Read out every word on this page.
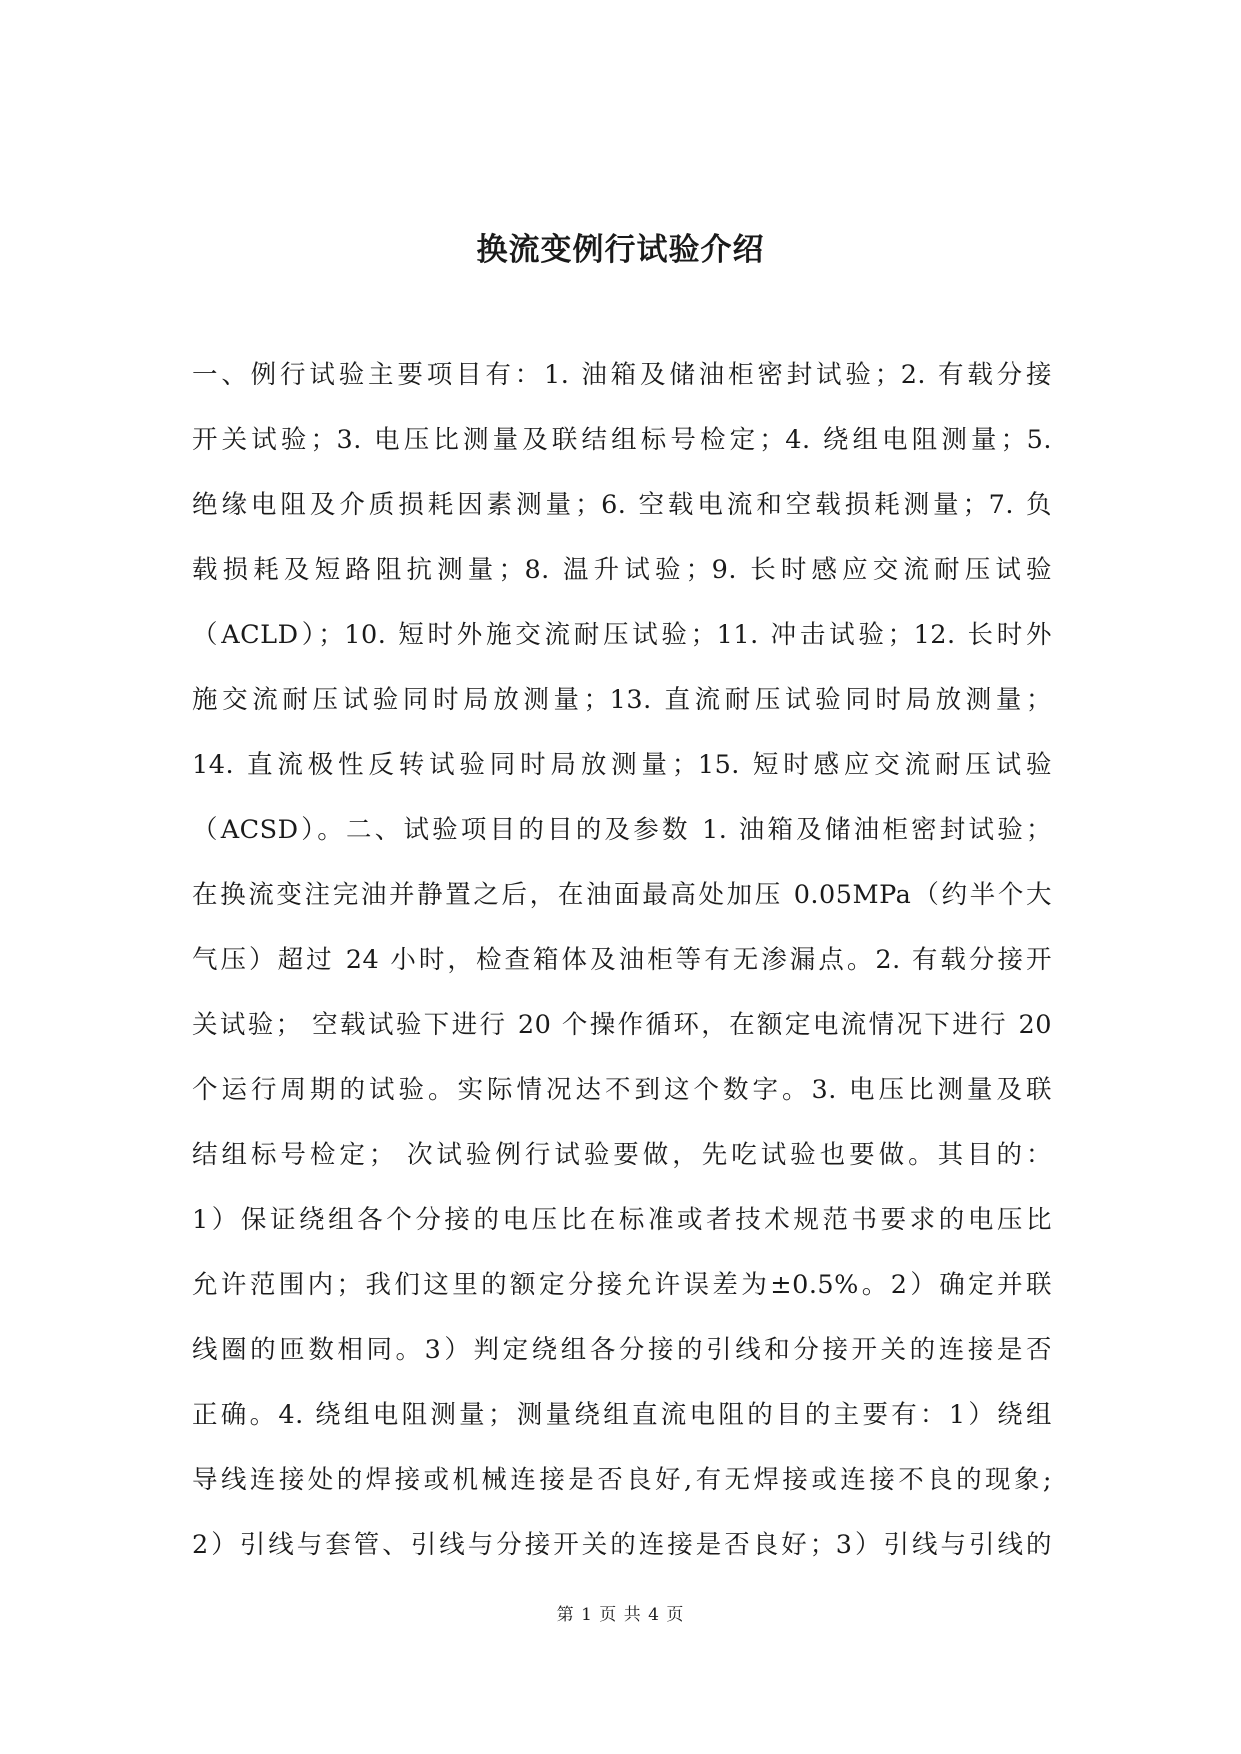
换流变例行试验介绍
一、例行试验主要项目有：1. 油箱及储油柜密封试验；2. 有载分接
开关试验；3. 电压比测量及联结组标号检定；4. 绕组电阻测量；5.
绝缘电阻及介质损耗因素测量；6. 空载电流和空载损耗测量；7. 负
载损耗及短路阻抗测量；8. 温升试验；9. 长时感应交流耐压试验
（ACLD）；10. 短时外施交流耐压试验；11. 冲击试验；12. 长时外
施交流耐压试验同时局放测量；13. 直流耐压试验同时局放测量；
14. 直流极性反转试验同时局放测量；15. 短时感应交流耐压试验
（ACSD）。二、试验项目的目的及参数 1. 油箱及储油柜密封试验；
在换流变注完油并静置之后，在油面最高处加压 0.05MPa（约半个大
气压）超过 24 小时，检查箱体及油柜等有无渗漏点。2. 有载分接开
关试验； 空载试验下进行 20 个操作循环，在额定电流情况下进行 20
个运行周期的试验。实际情况达不到这个数字。3. 电压比测量及联
结组标号检定； 次试验例行试验要做，先吃试验也要做。其目的：
1）保证绕组各个分接的电压比在标准或者技术规范书要求的电压比
允许范围内；我们这里的额定分接允许误差为±0.5%。2）确定并联
线圈的匝数相同。3）判定绕组各分接的引线和分接开关的连接是否
正确。4. 绕组电阻测量；测量绕组直流电阻的目的主要有：1）绕组
导线连接处的焊接或机械连接是否良好,有无焊接或连接不良的现象;
2）引线与套管、引线与分接开关的连接是否良好；3）引线与引线的
第 1 页 共 4 页
